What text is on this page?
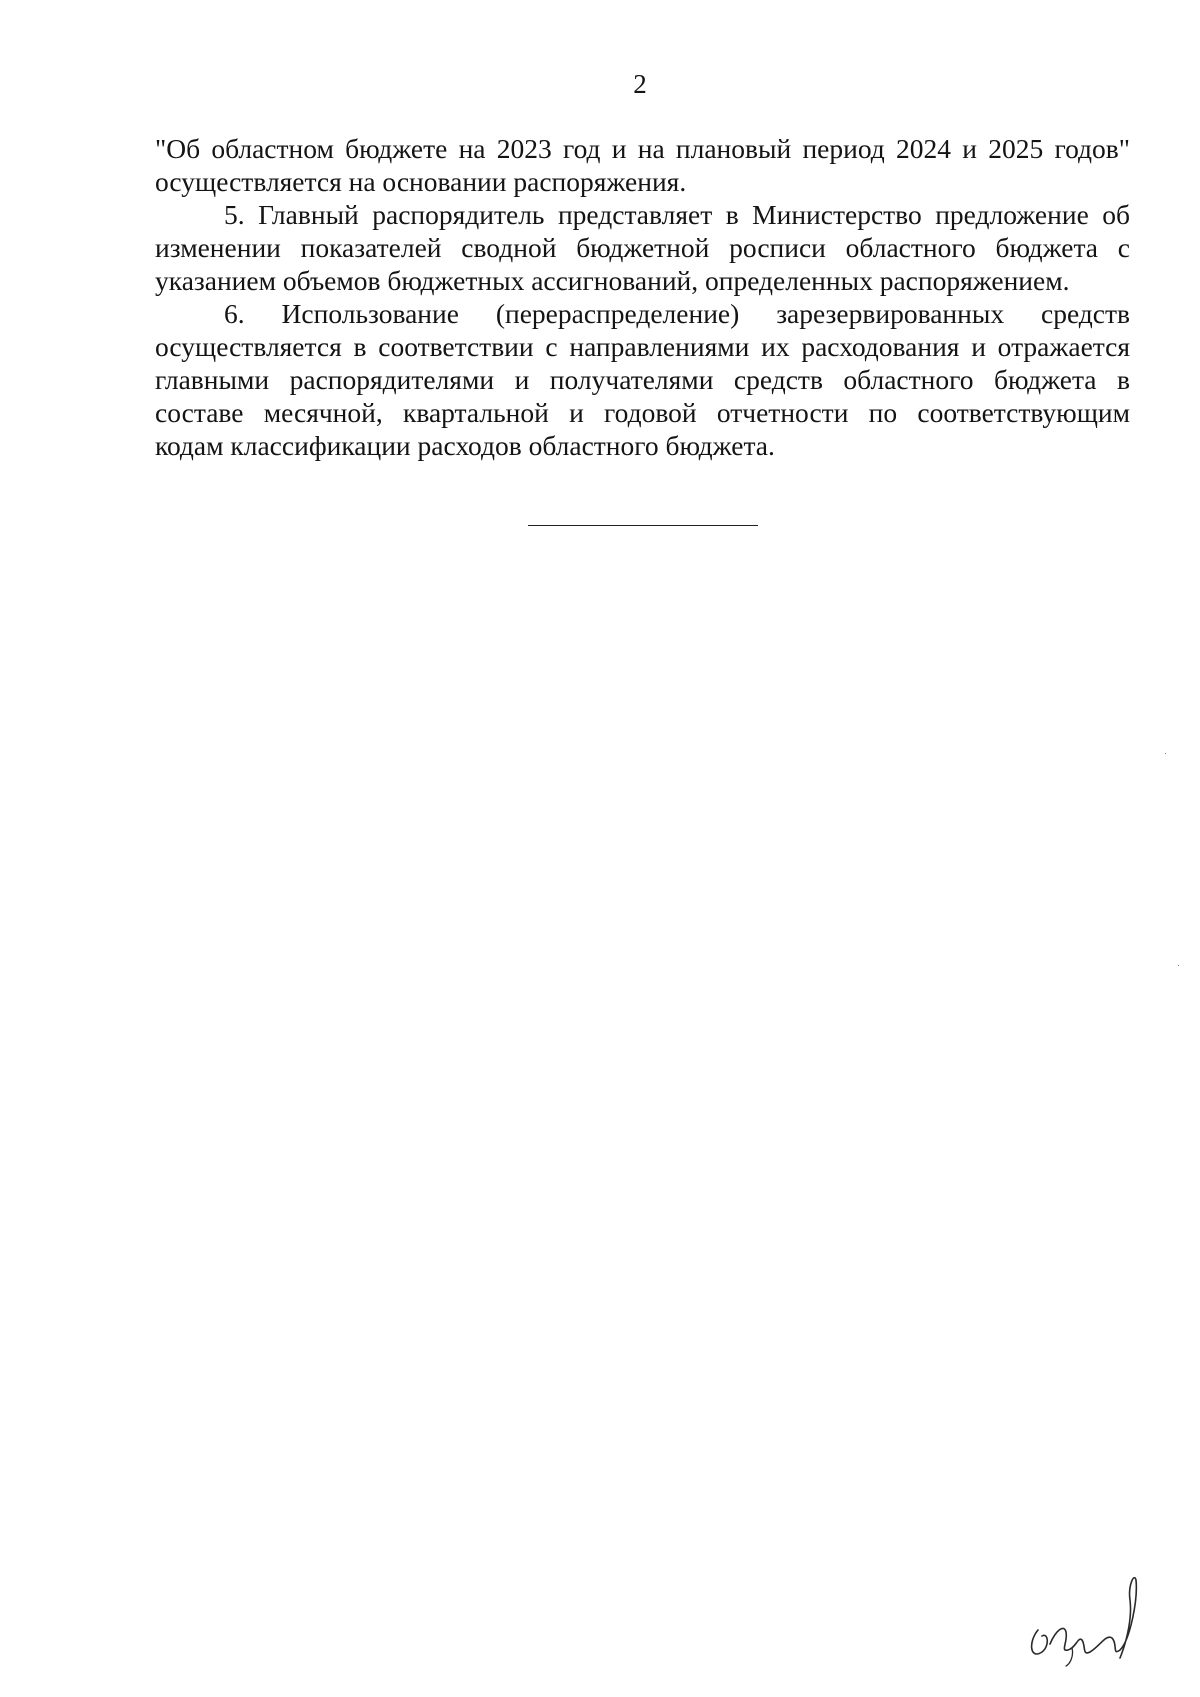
2
"Об областном бюджете на 2023 год и на плановый период 2024 и 2025 годов"
осуществляется на основании распоряжения.
5. Главный распорядитель представляет в Министерство предложение об
изменении показателей сводной бюджетной росписи областного бюджета с
указанием объемов бюджетных ассигнований, определенных распоряжением.
6. Использование (перераспределение) зарезервированных средств
осуществляется в соответствии с направлениями их расходования и отражается
главными распорядителями и получателями средств областного бюджета в
составе месячной, квартальной и годовой отчетности по соответствующим
кодам классификации расходов областного бюджета.
